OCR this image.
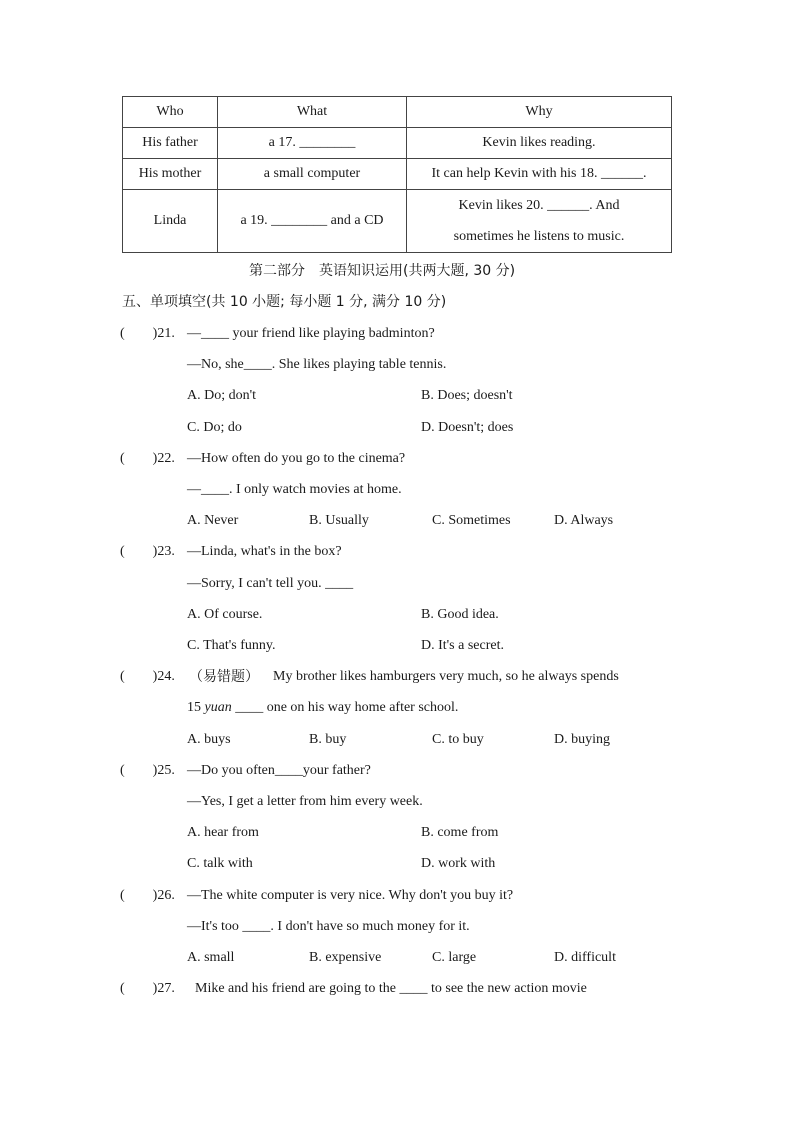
Who	What	Why
His father	a 17. ________	Kevin likes reading.
His mother	a small computer	It can help Kevin with his 18. ______.
Linda	a 19. ________ and a CD	Kevin likes 20. ______. And
sometimes he listens to music.
第二部分　英语知识运用(共两大题, 30 分)
五、单项填空(共 10 小题; 每小题 1 分, 满分 10 分)
(　　)21. —____ your friend like playing badminton?
—No, she____. She likes playing table tennis.
A. Do; don't	B. Does; doesn't
C. Do; do	D. Doesn't; does
(　　)22. —How often do you go to the cinema?
—____. I only watch movies at home.
A. Never	B. Usually	C. Sometimes	D. Always
(　　)23. —Linda, what's in the box?
—Sorry, I can't tell you. ____
A. Of course.	B. Good idea.
C. That's funny.	D. It's a secret.
(　　)24. （易错题） My brother likes hamburgers very much, so he always spends
15 yuan ____ one on his way home after school.
A. buys	B. buy	C. to buy	D. buying
(　　)25. —Do you often____your father?
—Yes, I get a letter from him every week.
A. hear from	B. come from
C. talk with	D. work with
(　　)26. —The white computer is very nice. Why don't you buy it?
—It's too ____. I don't have so much money for it.
A. small	B. expensive	C. large	D. difficult
(　　)27. Mike and his friend are going to the ____ to see the new action movie
